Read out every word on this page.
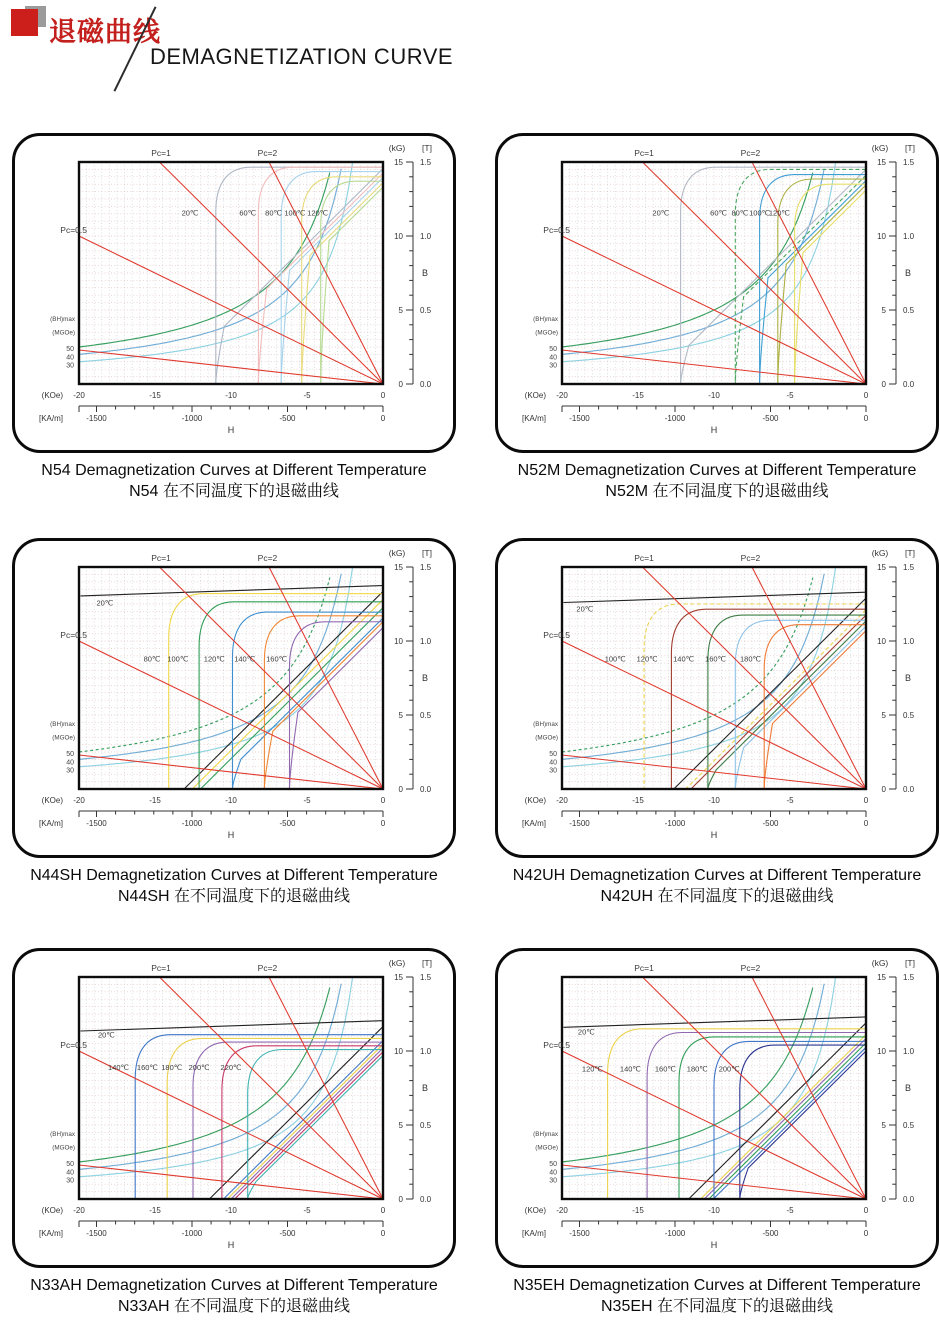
退磁曲线
DEMAGNETIZATION CURVE
Pc=1	Pc=2
Pc=0.5
20℃	60℃ 80℃ 100℃ 120℃
(BH)max
(MGOe)
50
40
30
15
10
5
0
1.5
1.0
0.5
0.0
(kG) [T]
B
-20	-15	-10	-5	0
(KOe)
-1500	-1000	-500	0
[KA/m]
H
Pc=1	Pc=2
Pc=0.5
20℃	60℃ 80℃ 100℃
120℃
(BH)max
(MGOe)
50
40
30
15
10
5
0
1.5
1.0
0.5
0.0
(kG) [T]
B
-20	-15	-10	-5	0
(KOe)
-1500	-1000	-500	0
[KA/m]
H
Pc=1	Pc=2
Pc=0.5
20℃
80℃ 100℃ 120℃ 140℃ 160℃
(BH)max
(MGOe)
50
40
30
15
10
5
0
1.5
1.0
0.5
0.0
(kG) [T]
B
-20	-15	-10	-5	0
(KOe)
-1500	-1000	-500	0
[KA/m]
H
Pc=1	Pc=2
Pc=0.5
20℃
100℃ 120℃ 140℃ 160℃ 180℃
(BH)max
(MGOe)
50
40
30
15
10
5
0
1.5
1.0
0.5
0.0
(kG) [T]
B
-20	-15	-10	-5	0
(KOe)
-1500	-1000	-500	0
[KA/m]
H
Pc=1	Pc=2
Pc=0.5
20℃
140℃ 160℃ 180℃ 200℃ 220℃
(BH)max
(MGOe)
50
40
30
15
10
5
0
1.5
1.0
0.5
0.0
(kG) [T]
B
-20	-15	-10	-5	0
(KOe)
-1500	-1000	-500	0
[KA/m]
H
Pc=1	Pc=2
Pc=0.5
20℃
120℃ 140℃ 160℃ 180℃ 200℃
(BH)max
(MGOe)
50
40
30
15
10
5
0
1.5
1.0
0.5
0.0
(kG) [T]
B
-20	-15	-10	-5	0
(KOe)
-1500	-1000	-500	0
[KA/m]
H
N54 Demagnetization Curves at Different Temperature
N54 在不同温度下的退磁曲线
N52M Demagnetization Curves at Different Temperature
N52M 在不同温度下的退磁曲线
N44SH Demagnetization Curves at Different Temperature
N44SH 在不同温度下的退磁曲线
N42UH Demagnetization Curves at Different Temperature
N42UH 在不同温度下的退磁曲线
N33AH Demagnetization Curves at Different Temperature
N33AH 在不同温度下的退磁曲线
N35EH Demagnetization Curves at Different Temperature
N35EH 在不同温度下的退磁曲线
